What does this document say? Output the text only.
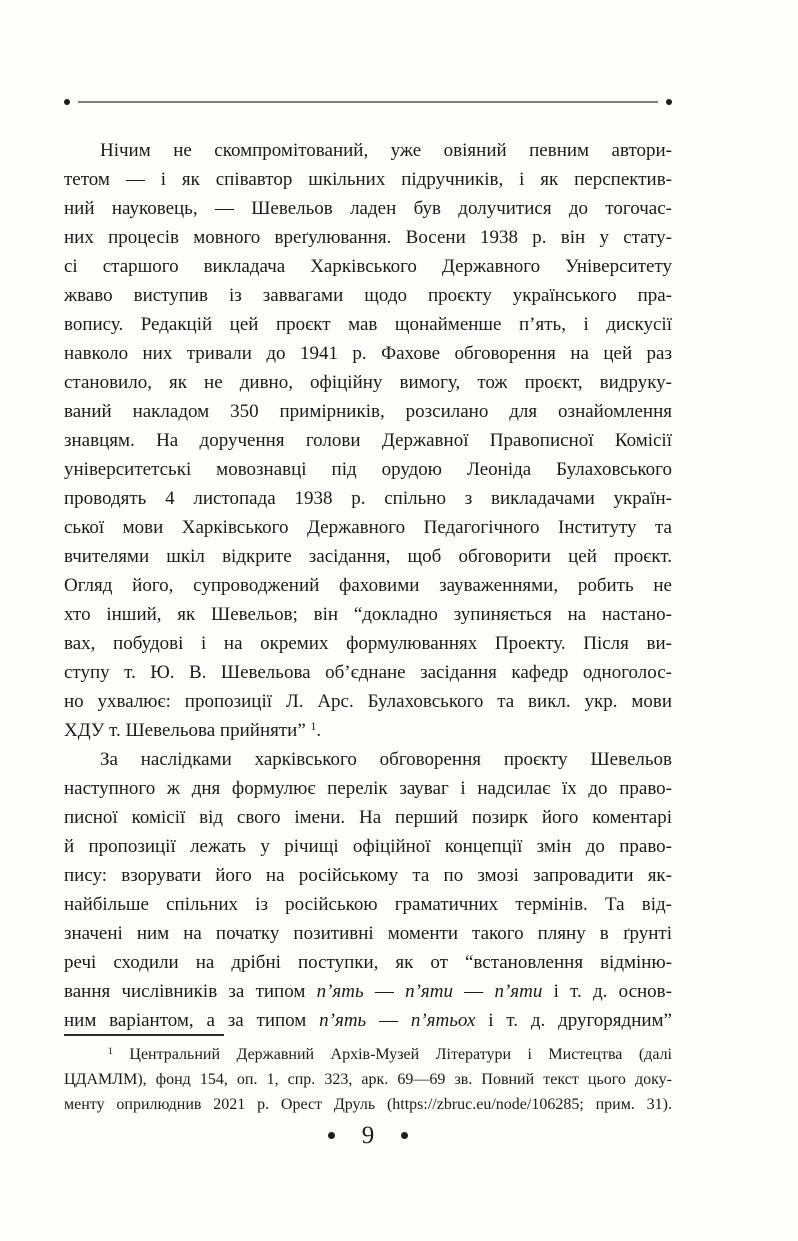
Нічим не скомпромітований, уже овіяний певним автори-
тетом — і як співавтор шкільних підручників, і як перспектив-
ний науковець, — Шевельов ладен був долучитися до тогочас-
них процесів мовного вреґулювання. Восени 1938 р. він у стату-
сі старшого викладача Харківського Державного Університету
жваво виступив із заввагами щодо проєкту українського пра-
вопису. Редакцій цей проєкт мав щонайменше п’ять, і дискусії
навколо них тривали до 1941 р. Фахове обговорення на цей раз
становило, як не дивно, офіційну вимогу, тож проєкт, видруку-
ваний накладом 350 примірників, розсилано для ознайомлення
знавцям. На доручення голови Державної Правописної Комісії
університетські мовознавці під орудою Леоніда Булаховського
проводять 4 листопада 1938 р. спільно з викладачами україн-
ської мови Харківського Державного Педагогічного Інституту та
вчителями шкіл відкрите засідання, щоб обговорити цей проєкт.
Огляд його, супроводжений фаховими зауваженнями, робить не
хто інший, як Шевельов; він “докладно зупиняється на настано-
вах, побудові і на окремих формулюваннях Проекту. Після ви-
ступу т. Ю. В. Шевельова об’єднане засідання кафедр одноголос-
но ухвалює: пропозиції Л. Арс. Булаховського та викл. укр. мови
ХДУ т. Шевельова прийняти” $^1$.
За наслідками харківського обговорення проєкту Шевельов
наступного ж дня формулює перелік зауваг і надсилає їх до право-
писної комісії від свого імени. На перший позирк його коментарі
й пропозиції лежать у річищі офіційної концепції змін до право-
пису: взорувати його на російському та по змозі запровадити як-
найбільше спільних із російською граматичних термінів. Та від-
значені ним на початку позитивні моменти такого пляну в ґрунті
речі сходили на дрібні поступки, як от “встановлення відміню-
вання числівників за типом п’ять — п’яти — п’яти і т. д. основ-
ним варіантом, а за типом п’ять — п’ятьох і т. д. другорядним”
$^1$ Центральний Державний Архів-Музей Літератури і Мистецтва (далі
ЦДАМЛМ), фонд 154, оп. 1, спр. 323, арк. 69—69 зв. Повний текст цього доку-
менту оприлюднив 2021 р. Орест Друль (https://zbruc.eu/node/106285; прим. 31).
9
